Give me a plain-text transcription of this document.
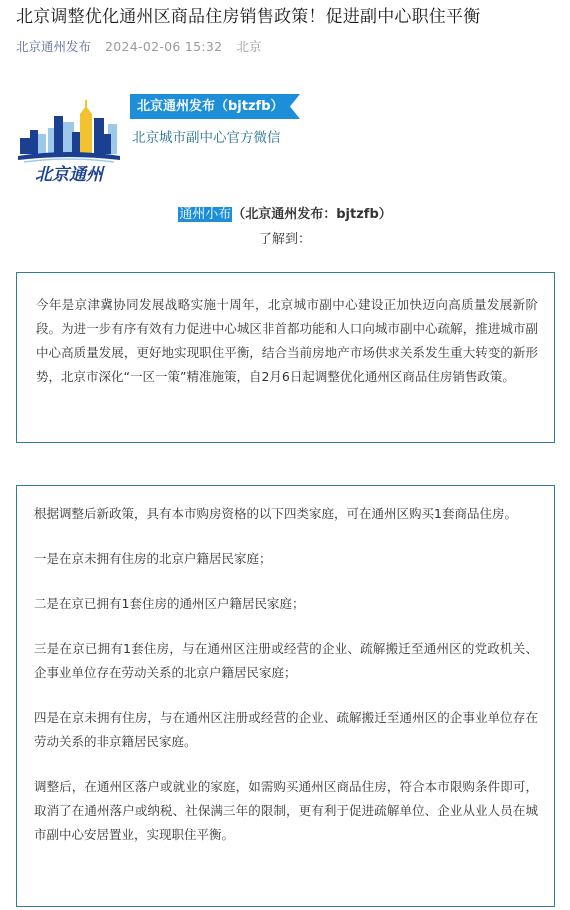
北京调整优化通州区商品住房销售政策！促进副中心职住平衡
北京通州发布 2024-02-06 15:32 北京
北京通州
北京通州发布（bjtzfb）
北京城市副中心官方微信
通州小布（北京通州发布：bjtzfb）
了解到：

今年是京津冀协同发展战略实施十周年，北京城市副中心建设正加快迈向高质量发展新阶段。为进一步有序有效有力促进中心城区非首都功能和人口向城市副中心疏解，推进城市副中心高质量发展，更好地实现职住平衡，结合当前房地产市场供求关系发生重大转变的新形势，北京市深化“一区一策”精准施策，自2月6日起调整优化通州区商品住房销售政策。

根据调整后新政策，具有本市购房资格的以下四类家庭，可在通州区购买1套商品住房。

一是在京未拥有住房的北京户籍居民家庭；

二是在京已拥有1套住房的通州区户籍居民家庭；

三是在京已拥有1套住房，与在通州区注册或经营的企业、疏解搬迁至通州区的党政机关、企事业单位存在劳动关系的北京户籍居民家庭；

四是在京未拥有住房，与在通州区注册或经营的企业、疏解搬迁至通州区的企事业单位存在劳动关系的非京籍居民家庭。

调整后，在通州区落户或就业的家庭，如需购买通州区商品住房，符合本市限购条件即可，取消了在通州落户或纳税、社保满三年的限制，更有利于促进疏解单位、企业从业人员在城市副中心安居置业，实现职住平衡。
